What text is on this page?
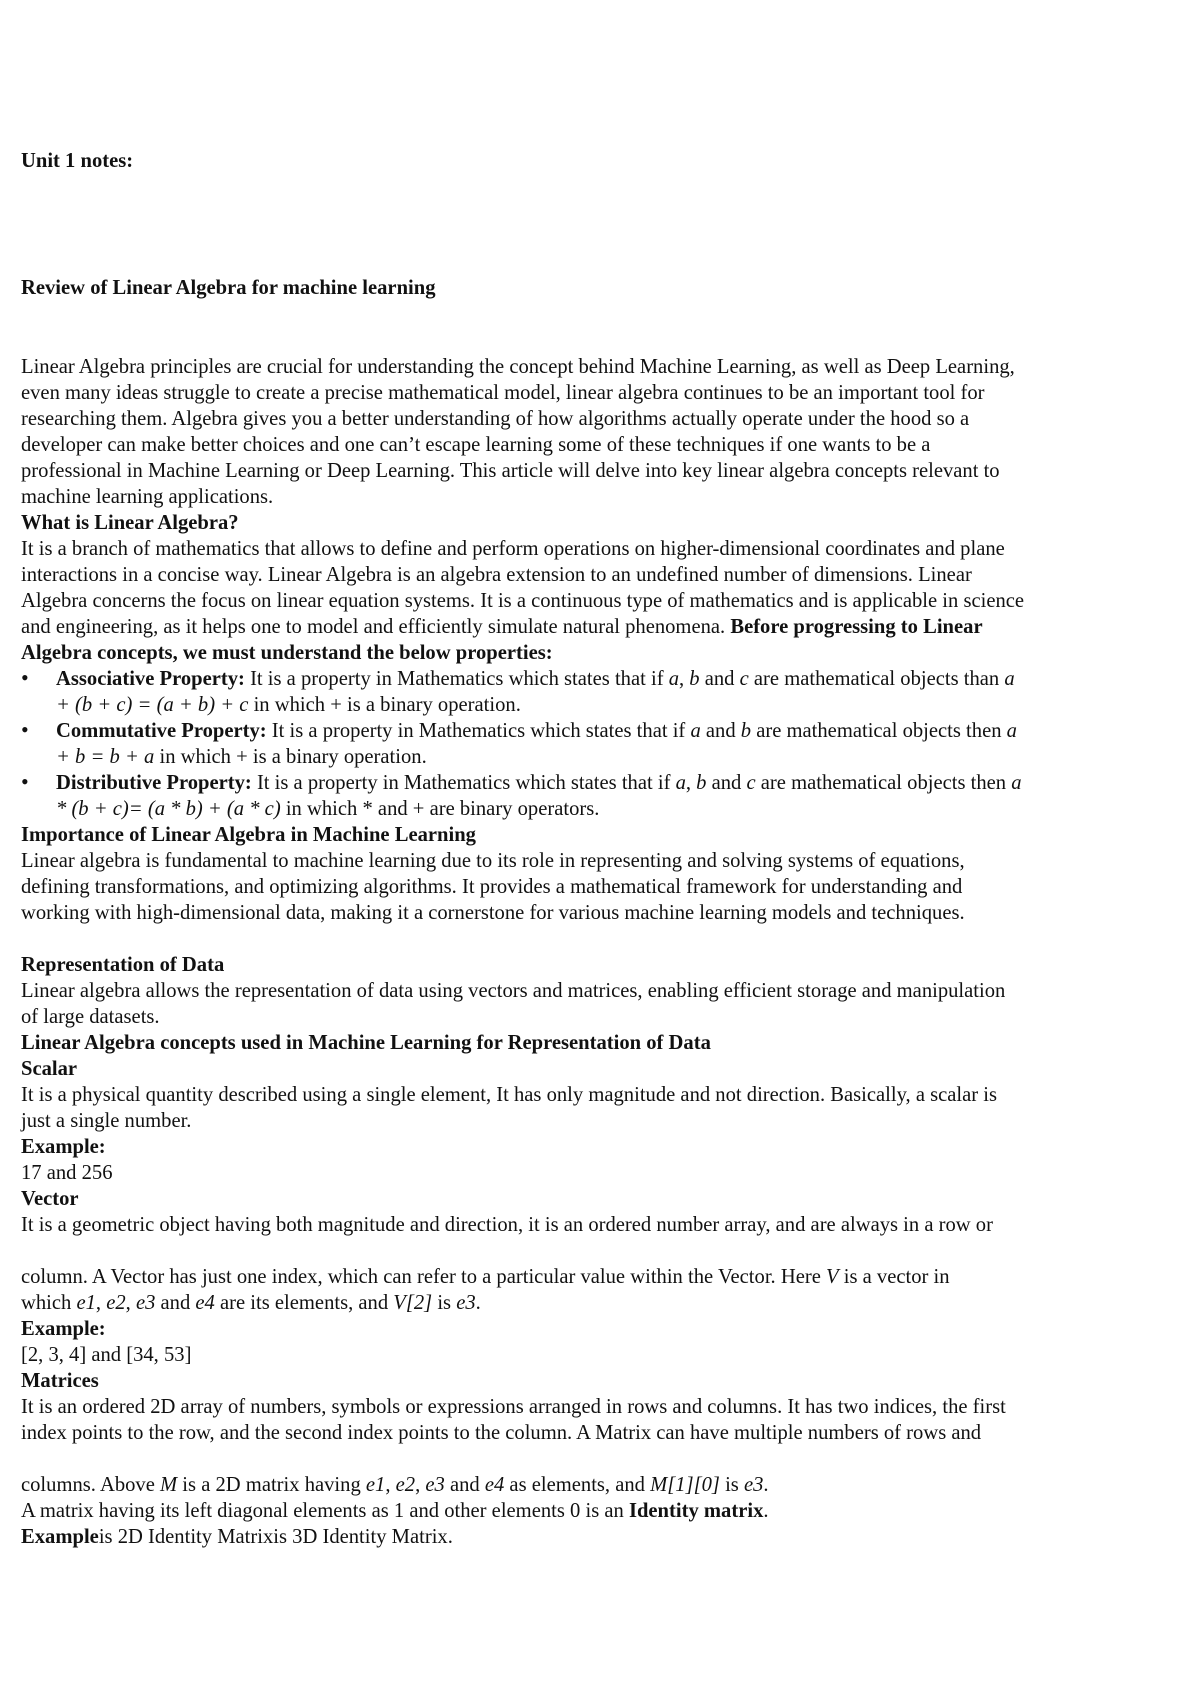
Unit 1 notes:
Review of Linear Algebra for machine learning
Linear Algebra principles are crucial for understanding the concept behind Machine Learning, as well as Deep Learning,
even many ideas struggle to create a precise mathematical model, linear algebra continues to be an important tool for
researching them. Algebra gives you a better understanding of how algorithms actually operate under the hood so a
developer can make better choices and one can’t escape learning some of these techniques if one wants to be a
professional in Machine Learning or Deep Learning. This article will delve into key linear algebra concepts relevant to
machine learning applications.
What is Linear Algebra?
It is a branch of mathematics that allows to define and perform operations on higher-dimensional coordinates and plane
interactions in a concise way. Linear Algebra is an algebra extension to an undefined number of dimensions. Linear
Algebra concerns the focus on linear equation systems. It is a continuous type of mathematics and is applicable in science
and engineering, as it helps one to model and efficiently simulate natural phenomena. Before progressing to Linear
Algebra concepts, we must understand the below properties:
• Associative Property: It is a property in Mathematics which states that if a, b and c are mathematical objects than a
+ (b + c) = (a + b) + c in which + is a binary operation.
• Commutative Property: It is a property in Mathematics which states that if a and b are mathematical objects then a
+ b = b + a in which + is a binary operation.
• Distributive Property: It is a property in Mathematics which states that if a, b and c are mathematical objects then a
* (b + c)= (a * b) + (a * c) in which * and + are binary operators.
Importance of Linear Algebra in Machine Learning
Linear algebra is fundamental to machine learning due to its role in representing and solving systems of equations,
defining transformations, and optimizing algorithms. It provides a mathematical framework for understanding and
working with high-dimensional data, making it a cornerstone for various machine learning models and techniques.
Representation of Data
Linear algebra allows the representation of data using vectors and matrices, enabling efficient storage and manipulation
of large datasets.
Linear Algebra concepts used in Machine Learning for Representation of Data
Scalar
It is a physical quantity described using a single element, It has only magnitude and not direction. Basically, a scalar is
just a single number.
Example:
17 and 256
Vector
It is a geometric object having both magnitude and direction, it is an ordered number array, and are always in a row or
column. A Vector has just one index, which can refer to a particular value within the Vector. Here V is a vector in
which e1, e2, e3 and e4 are its elements, and V[2] is e3.
Example:
[2, 3, 4] and [34, 53]
Matrices
It is an ordered 2D array of numbers, symbols or expressions arranged in rows and columns. It has two indices, the first
index points to the row, and the second index points to the column. A Matrix can have multiple numbers of rows and
columns. Above M is a 2D matrix having e1, e2, e3 and e4 as elements, and M[1][0] is e3.
A matrix having its left diagonal elements as 1 and other elements 0 is an Identity matrix.
Exampleis 2D Identity Matrixis 3D Identity Matrix.
